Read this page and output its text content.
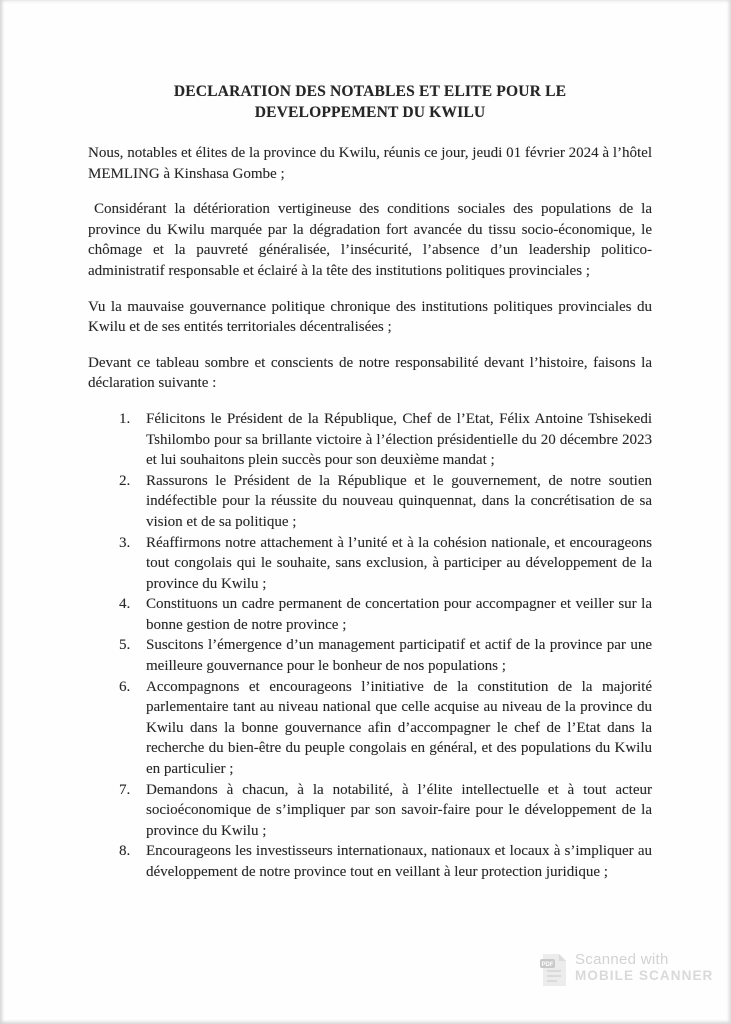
DECLARATION DES NOTABLES ET ELITE POUR LE
DEVELOPPEMENT DU KWILU

Nous, notables et élites de la province du Kwilu, réunis ce jour, jeudi 01 février 2024 à l’hôtel MEMLING à Kinshasa Gombe ;

Considérant la détérioration vertigineuse des conditions sociales des populations de la province du Kwilu marquée par la dégradation fort avancée du tissu socio-économique, le chômage et la pauvreté généralisée, l’insécurité, l’absence d’un leadership politico-administratif responsable et éclairé à la tête des institutions politiques provinciales ;

Vu la mauvaise gouvernance politique chronique des institutions politiques provinciales du Kwilu et de ses entités territoriales décentralisées ;

Devant ce tableau sombre et conscients de notre responsabilité devant l’histoire, faisons la déclaration suivante :

1.	Félicitons le Président de la République, Chef de l’Etat, Félix Antoine Tshisekedi Tshilombo pour sa brillante victoire à l’élection présidentielle du 20 décembre 2023 et lui souhaitons plein succès pour son deuxième mandat ;
2.	Rassurons le Président de la République et le gouvernement, de notre soutien indéfectible pour la réussite du nouveau quinquennat, dans la concrétisation de sa vision et de sa politique ;
3.	Réaffirmons notre attachement à l’unité et à la cohésion nationale, et encourageons tout congolais qui le souhaite, sans exclusion, à participer au développement de la province du Kwilu ;
4.	Constituons un cadre permanent de concertation pour accompagner et veiller sur la bonne gestion de notre province ;
5.	Suscitons l’émergence d’un management participatif et actif de la province par une meilleure gouvernance pour le bonheur de nos populations ;
6.	Accompagnons et encourageons l’initiative de la constitution de la majorité parlementaire tant au niveau national que celle acquise au niveau de la province du Kwilu dans la bonne gouvernance afin d’accompagner le chef de l’Etat dans la recherche du bien-être du peuple congolais en général, et des populations du Kwilu en particulier ;
7.	Demandons à chacun, à la notabilité, à l’élite intellectuelle et à tout acteur socioéconomique de s’impliquer par son savoir-faire pour le développement de la province du Kwilu ;
8.	Encourageons les investisseurs internationaux, nationaux et locaux à s’impliquer au développement de notre province tout en veillant à leur protection juridique ;
PDF Scanned with
MOBILE SCANNER
